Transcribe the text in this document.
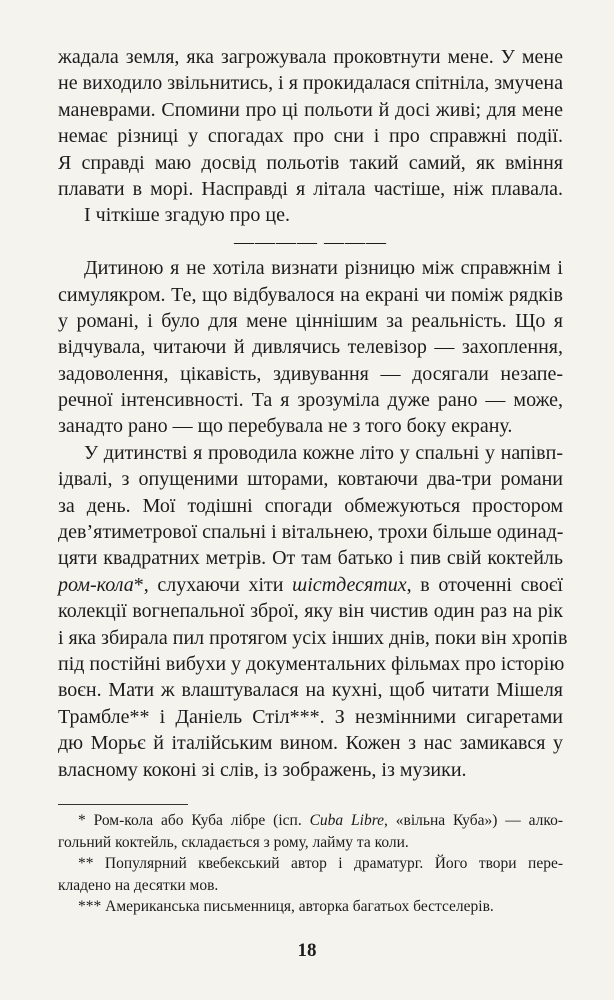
жадала земля, яка загрожувала проковтнути мене. У мене
не виходило звільнитись, і я прокидалася спітніла, змучена
маневрами. Спомини про ці польоти й досі живі; для мене
немає різниці у спогадах про сни і про справжні події.
Я справді маю досвід польотів такий самий, як вміння
плавати в морі. Насправді я літала частіше, ніж плавала.
І чіткіше згадую про це.
———— ———
Дитиною я не хотіла визнати різницю між справжнім і
симулякром. Те, що відбувалося на екрані чи поміж рядків
у романі, і було для мене ціннішим за реальність. Що я
відчувала, читаючи й дивлячись телевізор — захоплення,
задоволення, цікавість, здивування — досягали незапе-
речної інтенсивності. Та я зрозуміла дуже рано — може,
занадто рано — що перебувала не з того боку екрану.
У дитинстві я проводила кожне літо у спальні у напівп-
ідвалі, з опущеними шторами, ковтаючи два-три романи
за день. Мої тодішні спогади обмежуються простором
дев’ятиметрової спальні і вітальнею, трохи більше одинад-
цяти квадратних метрів. От там батько і пив свій коктейль
ром-кола*, слухаючи хіти шістдесятих, в оточенні своєї
колекції вогнепальної зброї, яку він чистив один раз на рік
і яка збирала пил протягом усіх інших днів, поки він хропів
під постійні вибухи у документальних фільмах про історію
воєн. Мати ж влаштувалася на кухні, щоб читати Мішеля
Трамбле** і Даніель Стіл***. З незмінними сигаретами
дю Морьє й італійським вином. Кожен з нас замикався у
власному коконі зі слів, із зображень, із музики.
* Ром-кола або Куба лібре (ісп. Cuba Libre, «вільна Куба») — алко-
гольний коктейль, складається з рому, лайму та коли.
** Популярний квебекський автор і драматург. Його твори пере-
кладено на десятки мов.
*** Американська письменниця, авторка багатьох бестселерів.
18
